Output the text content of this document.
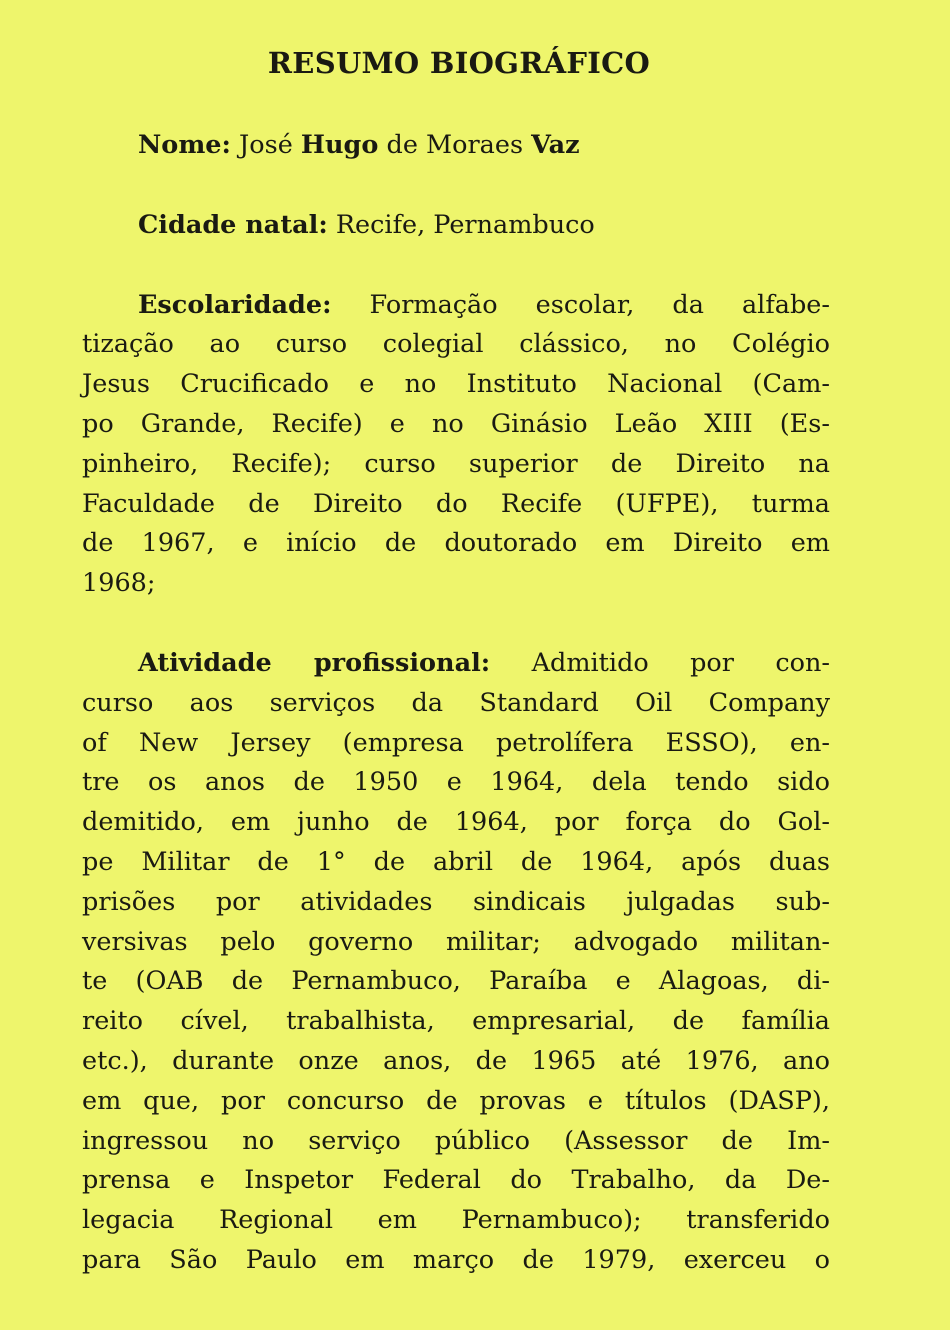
RESUMO BIOGRÁFICO
Nome: José Hugo de Moraes Vaz
Cidade natal: Recife, Pernambuco
Escolaridade: Formação escolar, da alfabe-
tização ao curso colegial clássico, no Colégio
Jesus Crucificado e no Instituto Nacional (Cam-
po Grande, Recife) e no Ginásio Leão XIII (Es-
pinheiro, Recife); curso superior de Direito na
Faculdade de Direito do Recife (UFPE), turma
de 1967, e início de doutorado em Direito em
1968;
Atividade profissional: Admitido por con-
curso aos serviços da Standard Oil Company
of New Jersey (empresa petrolífera ESSO), en-
tre os anos de 1950 e 1964, dela tendo sido
demitido, em junho de 1964, por força do Gol-
pe Militar de 1° de abril de 1964, após duas
prisões por atividades sindicais julgadas sub-
versivas pelo governo militar; advogado militan-
te (OAB de Pernambuco, Paraíba e Alagoas, di-
reito cível, trabalhista, empresarial, de família
etc.), durante onze anos, de 1965 até 1976, ano
em que, por concurso de provas e títulos (DASP),
ingressou no serviço público (Assessor de Im-
prensa e Inspetor Federal do Trabalho, da De-
legacia Regional em Pernambuco); transferido
para São Paulo em março de 1979, exerceu o
